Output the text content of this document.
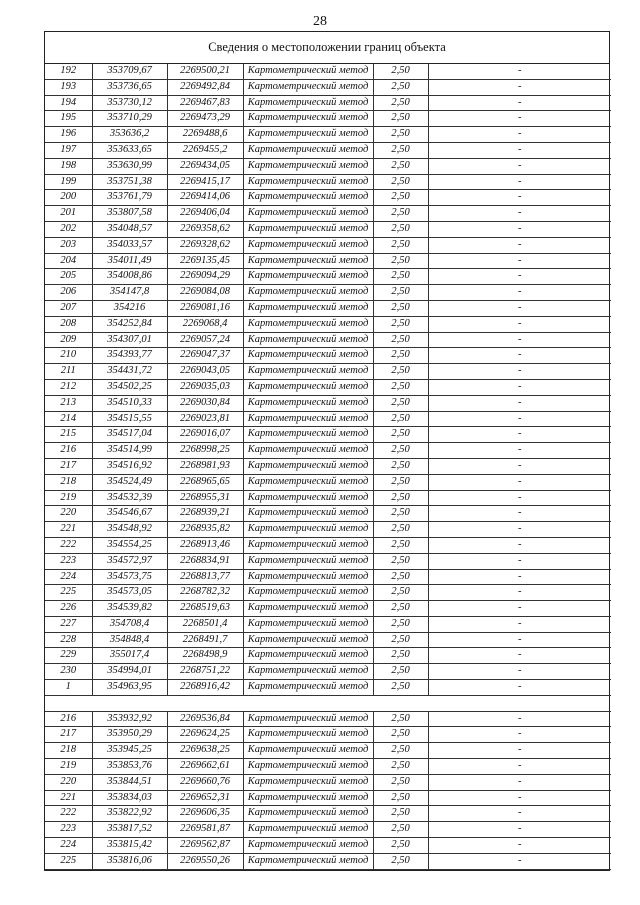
28
Сведения о местоположении границ объекта
192	353709,67	2269500,21	Картометрический метод	2,50	-
193	353736,65	2269492,84	Картометрический метод	2,50	-
194	353730,12	2269467,83	Картометрический метод	2,50	-
195	353710,29	2269473,29	Картометрический метод	2,50	-
196	353636,2	2269488,6	Картометрический метод	2,50	-
197	353633,65	2269455,2	Картометрический метод	2,50	-
198	353630,99	2269434,05	Картометрический метод	2,50	-
199	353751,38	2269415,17	Картометрический метод	2,50	-
200	353761,79	2269414,06	Картометрический метод	2,50	-
201	353807,58	2269406,04	Картометрический метод	2,50	-
202	354048,57	2269358,62	Картометрический метод	2,50	-
203	354033,57	2269328,62	Картометрический метод	2,50	-
204	354011,49	2269135,45	Картометрический метод	2,50	-
205	354008,86	2269094,29	Картометрический метод	2,50	-
206	354147,8	2269084,08	Картометрический метод	2,50	-
207	354216	2269081,16	Картометрический метод	2,50	-
208	354252,84	2269068,4	Картометрический метод	2,50	-
209	354307,01	2269057,24	Картометрический метод	2,50	-
210	354393,77	2269047,37	Картометрический метод	2,50	-
211	354431,72	2269043,05	Картометрический метод	2,50	-
212	354502,25	2269035,03	Картометрический метод	2,50	-
213	354510,33	2269030,84	Картометрический метод	2,50	-
214	354515,55	2269023,81	Картометрический метод	2,50	-
215	354517,04	2269016,07	Картометрический метод	2,50	-
216	354514,99	2268998,25	Картометрический метод	2,50	-
217	354516,92	2268981,93	Картометрический метод	2,50	-
218	354524,49	2268965,65	Картометрический метод	2,50	-
219	354532,39	2268955,31	Картометрический метод	2,50	-
220	354546,67	2268939,21	Картометрический метод	2,50	-
221	354548,92	2268935,82	Картометрический метод	2,50	-
222	354554,25	2268913,46	Картометрический метод	2,50	-
223	354572,97	2268834,91	Картометрический метод	2,50	-
224	354573,75	2268813,77	Картометрический метод	2,50	-
225	354573,05	2268782,32	Картометрический метод	2,50	-
226	354539,82	2268519,63	Картометрический метод	2,50	-
227	354708,4	2268501,4	Картометрический метод	2,50	-
228	354848,4	2268491,7	Картометрический метод	2,50	-
229	355017,4	2268498,9	Картометрический метод	2,50	-
230	354994,01	2268751,22	Картометрический метод	2,50	-
1	354963,95	2268916,42	Картометрический метод	2,50	-

216	353932,92	2269536,84	Картометрический метод	2,50	-
217	353950,29	2269624,25	Картометрический метод	2,50	-
218	353945,25	2269638,25	Картометрический метод	2,50	-
219	353853,76	2269662,61	Картометрический метод	2,50	-
220	353844,51	2269660,76	Картометрический метод	2,50	-
221	353834,03	2269652,31	Картометрический метод	2,50	-
222	353822,92	2269606,35	Картометрический метод	2,50	-
223	353817,52	2269581,87	Картометрический метод	2,50	-
224	353815,42	2269562,87	Картометрический метод	2,50	-
225	353816,06	2269550,26	Картометрический метод	2,50	-
